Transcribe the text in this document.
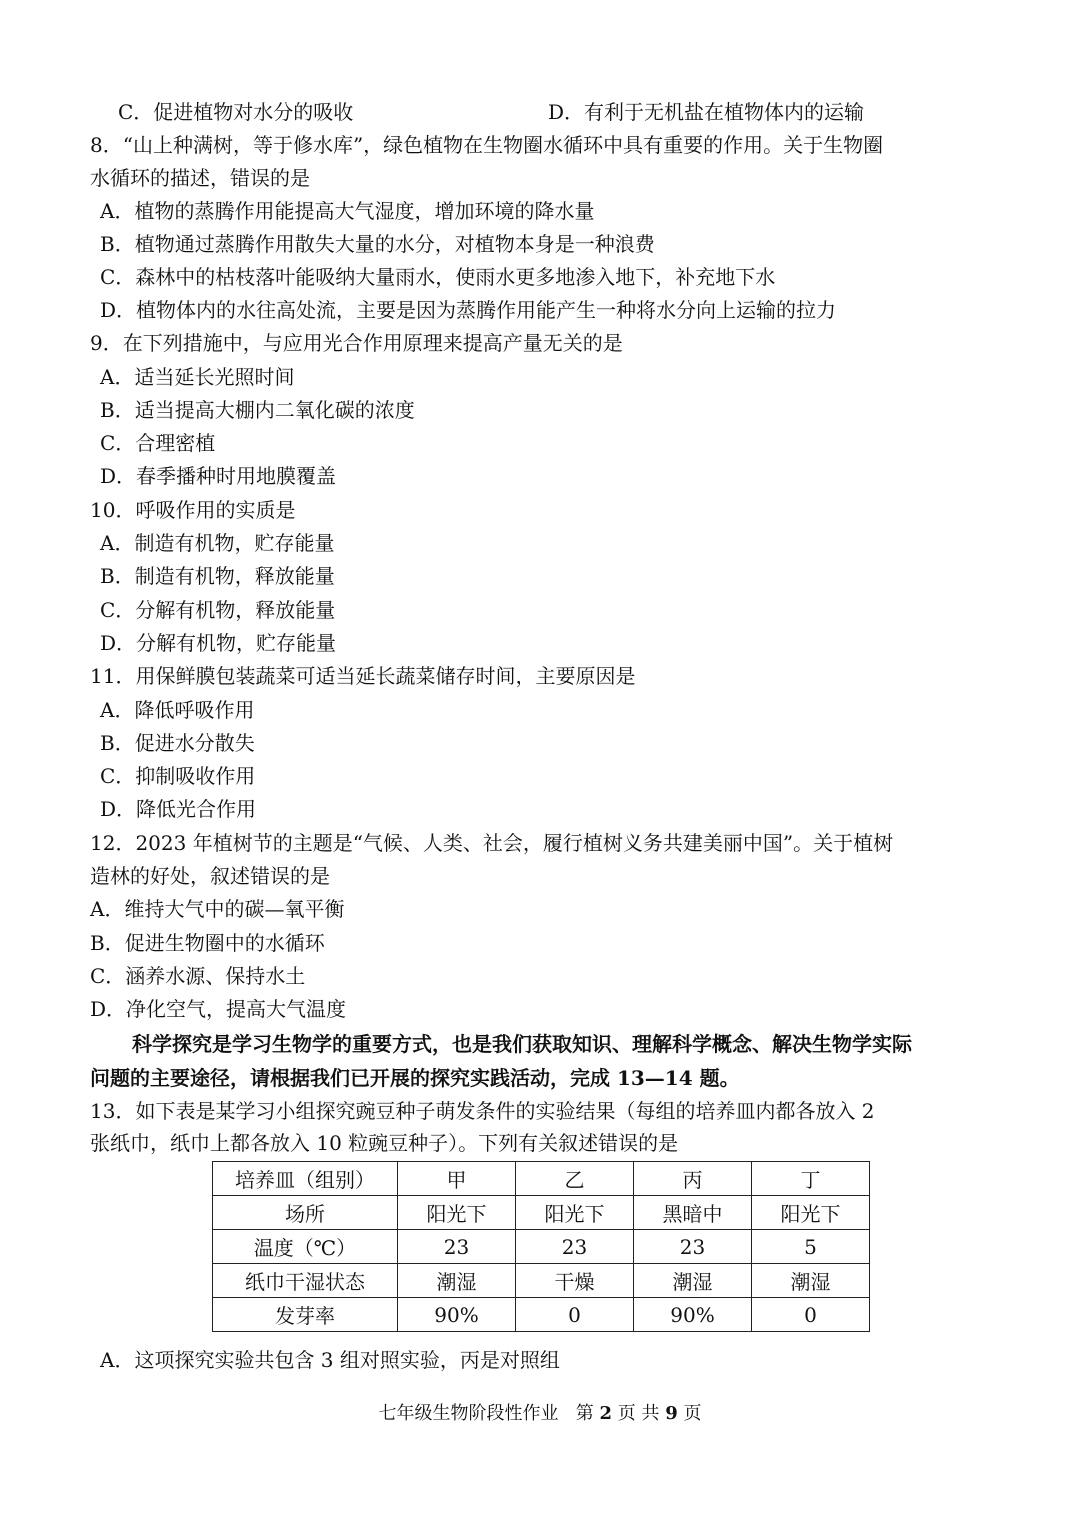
C．促进植物对水分的吸收	D．有利于无机盐在植物体内的运输
8．“山上种满树，等于修水库”，绿色植物在生物圈水循环中具有重要的作用。关于生物圈
水循环的描述，错误的是
A．植物的蒸腾作用能提高大气湿度，增加环境的降水量
B．植物通过蒸腾作用散失大量的水分，对植物本身是一种浪费
C．森林中的枯枝落叶能吸纳大量雨水，使雨水更多地渗入地下，补充地下水
D．植物体内的水往高处流，主要是因为蒸腾作用能产生一种将水分向上运输的拉力
9．在下列措施中，与应用光合作用原理来提高产量无关的是
A．适当延长光照时间
B．适当提高大棚内二氧化碳的浓度
C．合理密植
D．春季播种时用地膜覆盖
10．呼吸作用的实质是
A．制造有机物，贮存能量
B．制造有机物，释放能量
C．分解有机物，释放能量
D．分解有机物，贮存能量
11．用保鲜膜包装蔬菜可适当延长蔬菜储存时间，主要原因是
A．降低呼吸作用
B．促进水分散失
C．抑制吸收作用
D．降低光合作用
12．2023 年植树节的主题是“气候、人类、社会，履行植树义务共建美丽中国”。关于植树
造林的好处，叙述错误的是
A．维持大气中的碳—氧平衡
B．促进生物圈中的水循环
C．涵养水源、保持水土
D．净化空气，提高大气温度
科学探究是学习生物学的重要方式，也是我们获取知识、理解科学概念、解决生物学实际
问题的主要途径，请根据我们已开展的探究实践活动，完成 13—14 题。
13．如下表是某学习小组探究豌豆种子萌发条件的实验结果（每组的培养皿内都各放入 2
张纸巾，纸巾上都各放入 10 粒豌豆种子）。下列有关叙述错误的是
培养皿（组别）	甲	乙	丙	丁
场所	阳光下	阳光下	黑暗中	阳光下
温度（℃）	23	23	23	5
纸巾干湿状态	潮湿	干燥	潮湿	潮湿
发芽率	90%	0	90%	0
A．这项探究实验共包含 3 组对照实验，丙是对照组
七年级生物阶段性作业 第 2 页 共 9 页
